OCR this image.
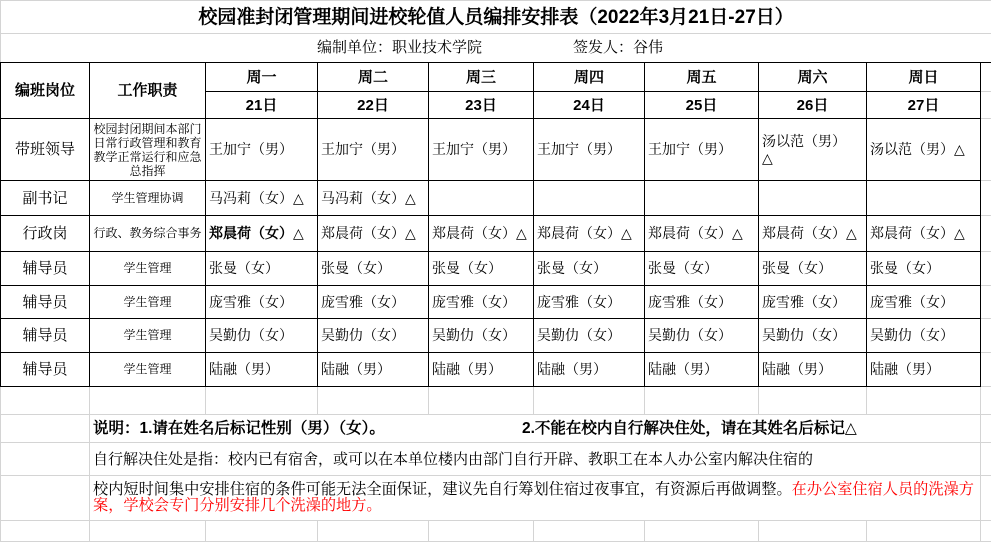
校园准封闭管理期间进校轮值人员编排安排表（2022年3月21日-27日）									

编制单位：职业技术学院 签发人：谷伟									

编班岗位	工作职责	周一	周二	周三	周四	周五	周六	周日	
		21日	22日	23日	24日	25日	26日	27日	
带班领导	校园封闭期间本部门日常行政管理和教育教学正常运行和应急总指挥	王加宁（男）	王加宁（男）	王加宁（男）	王加宁（男）	王加宁（男）	汤以范（男）△	汤以范（男）△	
副书记	学生管理协调	马冯莉（女）△	马冯莉（女）△						
行政岗	行政、教务综合事务	郑晨荷（女）△	郑晨荷（女）△	郑晨荷（女）△	郑晨荷（女）△	郑晨荷（女）△	郑晨荷（女）△	郑晨荷（女）△	
辅导员	学生管理	张曼（女）	张曼（女）	张曼（女）	张曼（女）	张曼（女）	张曼（女）	张曼（女）	
辅导员	学生管理	庞雪雅（女）	庞雪雅（女）	庞雪雅（女）	庞雪雅（女）	庞雪雅（女）	庞雪雅（女）	庞雪雅（女）	
辅导员	学生管理	吴勤仂（女）	吴勤仂（女）	吴勤仂（女）	吴勤仂（女）	吴勤仂（女）	吴勤仂（女）	吴勤仂（女）	
辅导员	学生管理	陆融（男）	陆融（男）	陆融（男）	陆融（男）	陆融（男）	陆融（男）	陆融（男）	

	说明：1.请在姓名后标记性别（男）（女）。 2.不能在校内自行解决住处，请在其姓名后标记△								

	自行解决住处是指：校内已有宿舍，或可以在本单位楼内由部门自行开辟、教职工在本人办公室内解决住宿的								
	校内短时间集中安排住宿的条件可能无法全面保证，建议先自行筹划住宿过夜事宜，有资源后再做调整。在办公室住宿人员的洗澡方案，学校会专门分别安排几个洗澡的地方。								
